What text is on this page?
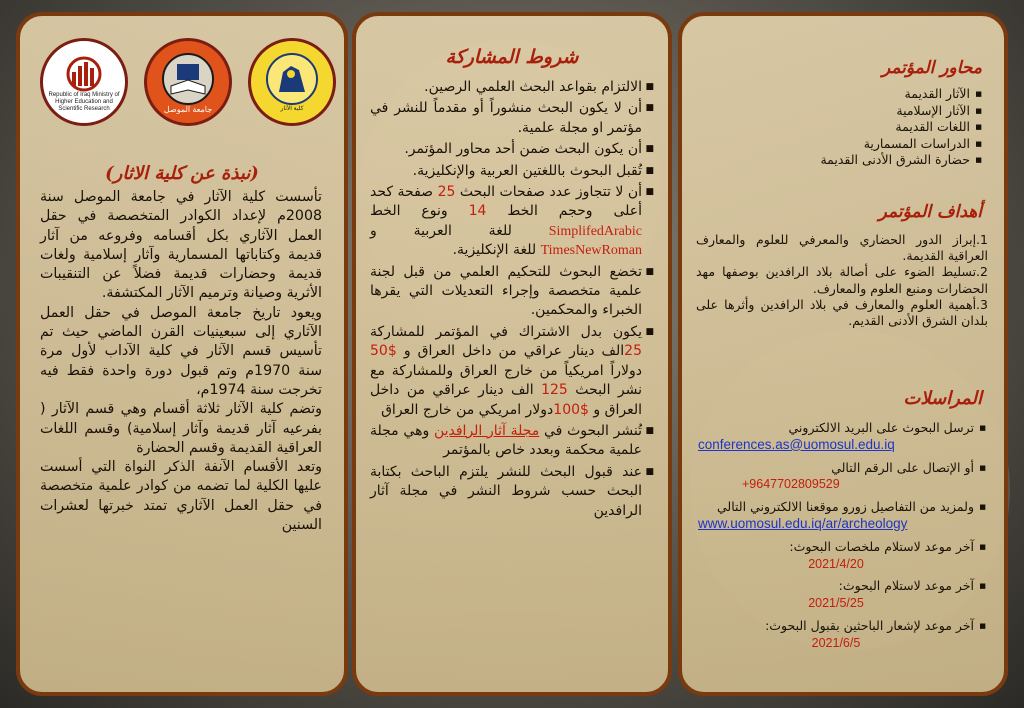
Republic of Iraq Ministry of Higher Education and Scientific Research	جامعة الموصل	كلية الآثار
(نبذة عن كلية الاثار)

تأسست كلية الآثار في جامعة الموصل سنة 2008م لإعداد الكوادر المتخصصة في حقل العمل الآثاري بكل أقسامه وفروعه من آثار قديمة وكتاباتها المسمارية وآثار إسلامية ولغات قديمة وحضارات قديمة فضلاً عن التنقيبات الأثرية وصيانة وترميم الآثار المكتشفة.

ويعود تاريخ جامعة الموصل في حقل العمل الآثاري إلى سبعينيات القرن الماضي حيث تم تأسيس قسم الآثار في كلية الآداب لأول مرة سنة 1970م وتم قبول دورة واحدة فقط فيه تخرجت سنة 1974م،

وتضم كلية الآثار ثلاثة أقسام وهي قسم الآثار ( بفرعيه آثار قديمة وآثار إسلامية) وقسم اللغات العراقية القديمة وقسم الحضارة

وتعد الأقسام الآنفة الذكر النواة التي أسست عليها الكلية لما تضمه من كوادر علمية متخصصة في حقل العمل الآثاري تمتد خبرتها لعشرات السنين

شروط المشاركة
■ الالتزام بقواعد البحث العلمي الرصين.
■ أن لا يكون البحث منشوراً أو مقدماً للنشر في مؤتمر او مجلة علمية.
■ أن يكون البحث ضمن أحد محاور المؤتمر.
■ تُقبل البحوث باللغتين العربية والإنكليزية.
■ أن لا تتجاوز عدد صفحات البحث 25 صفحة كحد أعلى وحجم الخط 14 ونوع الخط SimplifedArabic للغة العربية و TimesNewRoman للغة الإنكليزية.
■ تخضع البحوث للتحكيم العلمي من قبل لجنة علمية متخصصة وإجراء التعديلات التي يقرها الخبراء والمحكمين.
■ يكون بدل الاشتراك في المؤتمر للمشاركة 25الف دينار عراقي من داخل العراق و $50 دولاراً امريكياً من خارج العراق وللمشاركة مع نشر البحث 125 الف دينار عراقي من داخل العراق و $100دولار امريكي من خارج العراق
■ تُنشر البحوث في مجلة آثار الرافدين وهي مجلة علمية محكمة وبعدد خاص بالمؤتمر
■ عند قبول البحث للنشر يلتزم الباحث بكتابة البحث حسب شروط النشر في مجلة آثار الرافدين
محاور المؤتمر
■ الآثار القديمة
■ الآثار الإسلامية
■ اللغات القديمة
■ الدراسات المسمارية
■ حضارة الشرق الأدنى القديمة
أهداف المؤتمر
1.إبراز الدور الحضاري والمعرفي للعلوم والمعارف العراقية القديمة.
2.تسليط الضوء على أصالة بلاد الرافدين بوصفها مهد الحضارات ومنبع العلوم والمعارف.
3.أهمية العلوم والمعارف في بلاد الرافدين وأثرها على بلدان الشرق الأدنى القديم.
المراسلات
■ ترسل البحوث على البريد الالكتروني
conferences.as@uomosul.edu.iq
■ أو الإتصال على الرقم التالي
+9647702809529
■ ولمزيد من التفاصيل زورو موقعنا الالكتروني التالي
www.uomosul.edu.iq/ar/archeology
■ آخر موعد لاستلام ملخصات البحوث:
2021/4/20
■ آخر موعد لاستلام البحوث:
2021/5/25
■ آخر موعد لإشعار الباحثين بقبول البحوث:
2021/6/5
